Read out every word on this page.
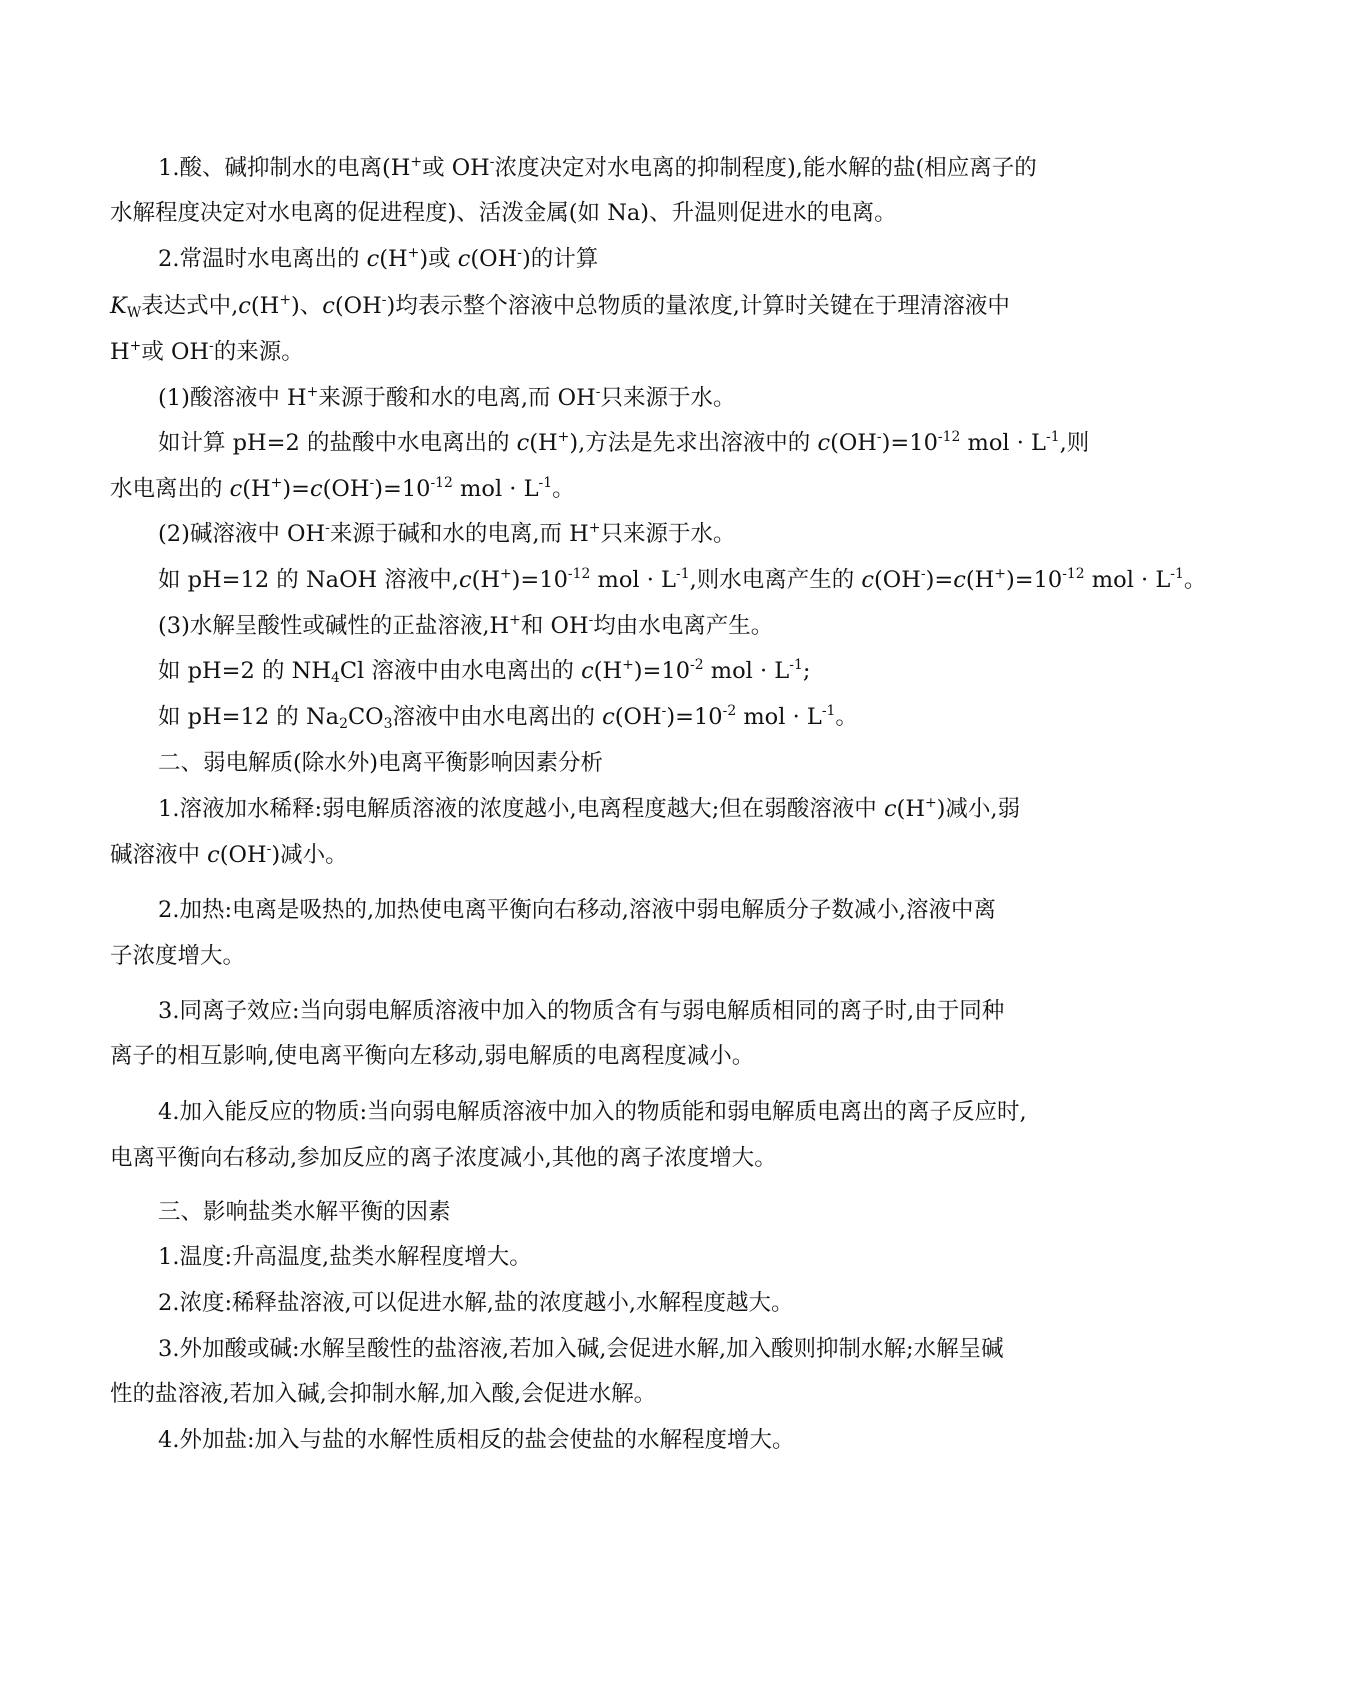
1.酸、碱抑制水的电离(H+或 OH-浓度决定对水电离的抑制程度),能水解的盐(相应离子的

水解程度决定对水电离的促进程度)、活泼金属(如 Na)、升温则促进水的电离。

2.常温时水电离出的 c(H+)或 c(OH-)的计算

$K_W$表达式中,c(H+)、c(OH-)均表示整个溶液中总物质的量浓度,计算时关键在于理清溶液中

H+或 OH-的来源。

(1)酸溶液中 H+来源于酸和水的电离,而 OH-只来源于水。

如计算 pH=2 的盐酸中水电离出的 c(H+),方法是先求出溶液中的 $c(OH^-)=10^{-12}$ mol · $L^{-1}$,则

水电离出的 $c(H^+)=c(OH^-)=10^{-12}$ mol · $L^{-1}$。

(2)碱溶液中 OH-来源于碱和水的电离,而 H+只来源于水。

如 pH=12 的 NaOH 溶液中$,c(H^+)=10^{-12}$ mol · $L^{-1}$,则水电离产生的 $c(OH^-)=c(H^+)=10^{-12}$ mol · $L^{-1}$。

(3)水解呈酸性或碱性的正盐溶液,H+和 OH-均由水电离产生。

如 pH=2 的 $NH_4Cl$ 溶液中由水电离出的 $c(H^+)=10^{-2}$ mol · $L^{-1}$;

如 pH=12 的 $Na_2CO_3$溶液中由水电离出的 $c(OH^-)=10^{-2}$ mol · $L^{-1}$。

二、弱电解质(除水外)电离平衡影响因素分析

1.溶液加水稀释:弱电解质溶液的浓度越小,电离程度越大;但在弱酸溶液中 c(H+)减小,弱

碱溶液中 c(OH-)减小。

2.加热:电离是吸热的,加热使电离平衡向右移动,溶液中弱电解质分子数减小,溶液中离

子浓度增大。

3.同离子效应:当向弱电解质溶液中加入的物质含有与弱电解质相同的离子时,由于同种

离子的相互影响,使电离平衡向左移动,弱电解质的电离程度减小。

4.加入能反应的物质:当向弱电解质溶液中加入的物质能和弱电解质电离出的离子反应时,

电离平衡向右移动,参加反应的离子浓度减小,其他的离子浓度增大。

三、影响盐类水解平衡的因素

1.温度:升高温度,盐类水解程度增大。

2.浓度:稀释盐溶液,可以促进水解,盐的浓度越小,水解程度越大。

3.外加酸或碱:水解呈酸性的盐溶液,若加入碱,会促进水解,加入酸则抑制水解;水解呈碱

性的盐溶液,若加入碱,会抑制水解,加入酸,会促进水解。

4.外加盐:加入与盐的水解性质相反的盐会使盐的水解程度增大。
